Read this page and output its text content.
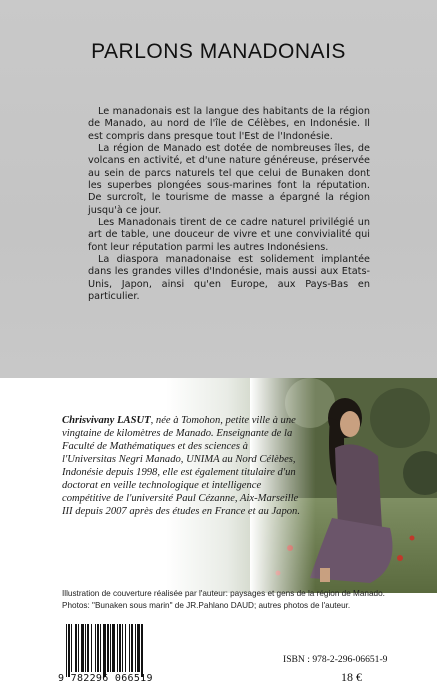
PARLONS MANADONAIS

Le manadonais est la langue des habitants de la région de Manado, au nord de l'île de Célèbes, en Indonésie. Il est compris dans presque tout l'Est de l'Indonésie.

La région de Manado est dotée de nombreuses îles, de volcans en activité, et d'une nature généreuse, préservée au sein de parcs naturels tel que celui de Bunaken dont les superbes plongées sous-marines font la réputation. De surcroît, le tourisme de masse a épargné la région jusqu'à ce jour.

Les Manadonais tirent de ce cadre naturel privilégié un art de table, une douceur de vivre et une convivialité qui font leur réputation parmi les autres Indonésiens.

La diaspora manadonaise est solidement implantée dans les grandes villes d'Indonésie, mais aussi aux Etats-Unis, Japon, ainsi qu'en Europe, aux Pays-Bas en particulier.

Chrisvivany LASUT, née à Tomohon, petite ville à une vingtaine de kilomètres de Manado. Enseignante de la Faculté de Mathématiques et des sciences à l'Universitas Negri Manado, UNIMA au Nord Célèbes, Indonésie depuis 1998, elle est également titulaire d'un doctorat en veille technologique et intelligence compétitive de l'université Paul Cézanne, Aix-Marseille III depuis 2007 après des études en France et au Japon.
Illustration de couverture réalisée par l'auteur: paysages et gens de la région de Manado.
Photos: "Bunaken sous marin" de JR.Pahlano DAUD; autres photos de l'auteur.
9 782296 066519
ISBN : 978-2-296-06651-9
18 €
